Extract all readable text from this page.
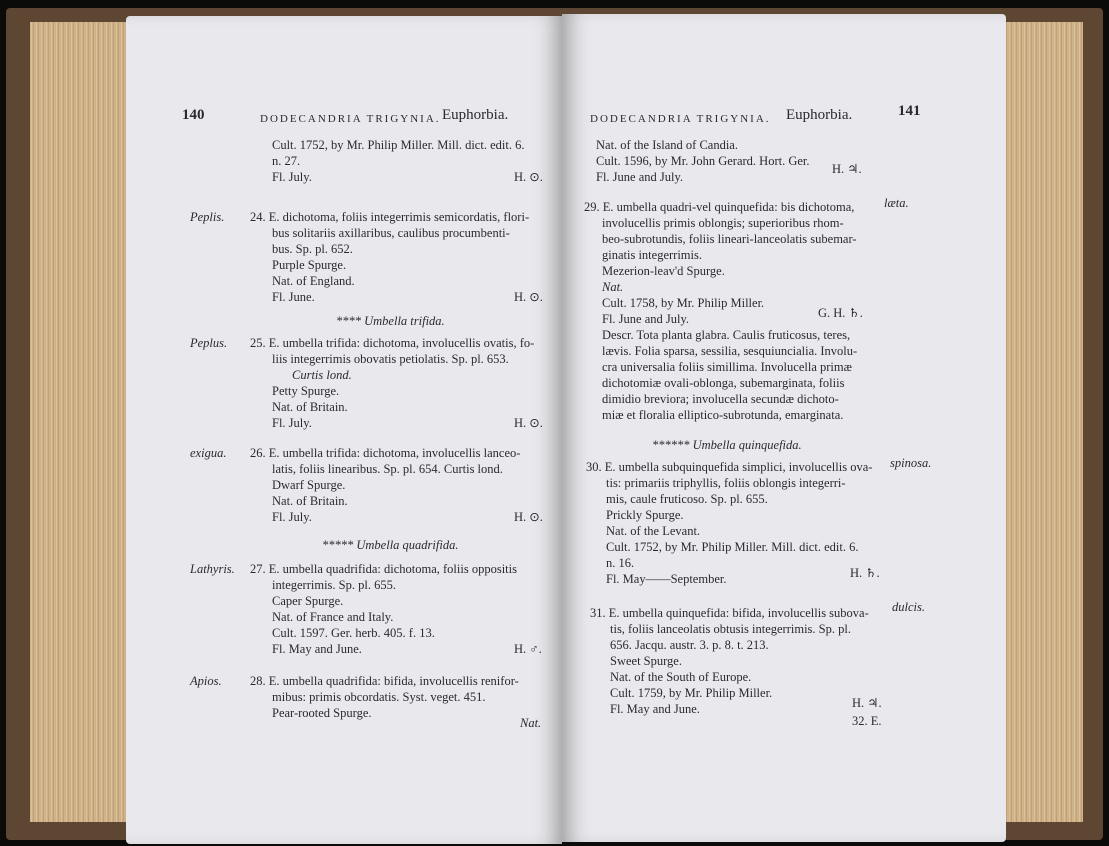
140	DODECANDRIA TRIGYNIA. Euphorbia.
Cult. 1752, by Mr. Philip Miller. Mill. dict. edit. 6.
n. 27.
Fl. July.	H. ⊙.
Peplis. 24. E. dichotoma, foliis integerrimis semicordatis, flori-
bus solitariis axillaribus, caulibus procumbenti-
bus. Sp. pl. 652.
Purple Spurge.
Nat. of England.
Fl. June.	H. ⊙.
**** Umbella trifida.
Peplus. 25. E. umbella trifida: dichotoma, involucellis ovatis, fo-
liis integerrimis obovatis petiolatis. Sp. pl. 653.
Curtis lond.
Petty Spurge.
Nat. of Britain.
Fl. July.	H. ⊙.
exigua. 26. E. umbella trifida: dichotoma, involucellis lanceo-
latis, foliis linearibus. Sp. pl. 654. Curtis lond.
Dwarf Spurge.
Nat. of Britain.
Fl. July.	H. ⊙.
***** Umbella quadrifida.
Lathyris. 27. E. umbella quadrifida: dichotoma, foliis oppositis
integerrimis. Sp. pl. 655.
Caper Spurge.
Nat. of France and Italy.
Cult. 1597. Ger. herb. 405. f. 13.
Fl. May and June.	H. ♂.
Apios. 28. E. umbella quadrifida: bifida, involucellis renifor-
mibus: primis obcordatis. Syst. veget. 451.
Pear-rooted Spurge.
Nat.
DODECANDRIA TRIGYNIA. Euphorbia.	141
Nat. of the Island of Candia.
Cult. 1596, by Mr. John Gerard. Hort. Ger.
Fl. June and July.
H. ♃.
29. E. umbella quadri-vel quinquefida: bis dichotoma, læta.
involucellis primis oblongis; superioribus rhom-
beo-subrotundis, foliis lineari-lanceolatis subemar-
ginatis integerrimis.
Mezerion-leav'd Spurge.
Nat.
Cult. 1758, by Mr. Philip Miller.
Fl. June and July.	G. H. ♄.
Descr. Tota planta glabra. Caulis fruticosus, teres,
lævis. Folia sparsa, sessilia, sesquiuncialia. Involu-
cra universalia foliis simillima. Involucella primæ
dichotomiæ ovali-oblonga, subemarginata, foliis
dimidio breviora; involucella secundæ dichoto-
miæ et floralia elliptico-subrotunda, emarginata.
****** Umbella quinquefida.
30. E. umbella subquinquefida simplici, involucellis ova- spinosa.
tis: primariis triphyllis, foliis oblongis integerri-
mis, caule fruticoso. Sp. pl. 655.
Prickly Spurge.
Nat. of the Levant.
Cult. 1752, by Mr. Philip Miller. Mill. dict. edit. 6.
n. 16.
Fl. May——September.	H. ♄.
31. E. umbella quinquefida: bifida, involucellis subova- dulcis.
tis, foliis lanceolatis obtusis integerrimis. Sp. pl.
656. Jacqu. austr. 3. p. 8. t. 213.
Sweet Spurge.
Nat. of the South of Europe.
Cult. 1759, by Mr. Philip Miller.
Fl. May and June.	H. ♃.
32. E.
